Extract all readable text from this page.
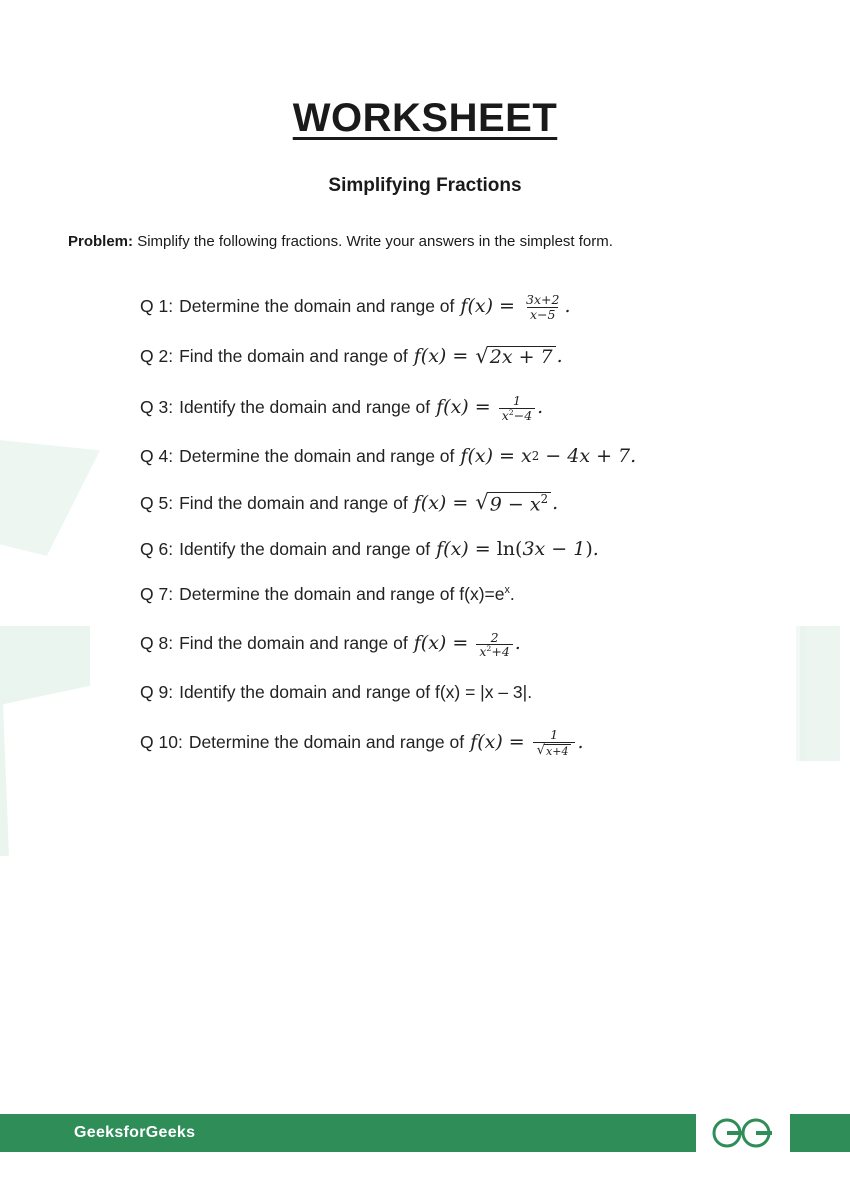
WORKSHEET
Simplifying Fractions

Problem: Simplify the following fractions. Write your answers in the simplest form.

Q 1: Determine the domain and range of $f(x) = \frac{3x+2}{x-5}$ .
Q 2: Find the domain and range of f(x) = √ 2x + 7 .
Q 3: Identify the domain and range of $f(x) = \frac{1}{x^2-4}$ .
Q 4: Determine the domain and range of f(x) = x 2 − 4x + 7.
Q 5: Find the domain and range of f(x) = √ $9 - x^2$ .
Q 6: Identify the domain and range of f(x) = ln( 3x − 1 ) .
Q 7: Determine the domain and range of $f(x)=e^x$.
Q 8: Find the domain and range of $f(x) = \frac{2}{x^2+4}$ .
Q 9: Identify the domain and range of f(x) = |x – 3|.
Q 10: Determine the domain and range of $f(x) = \frac{1}{√ x+4}$ .
GeeksforGeeks
